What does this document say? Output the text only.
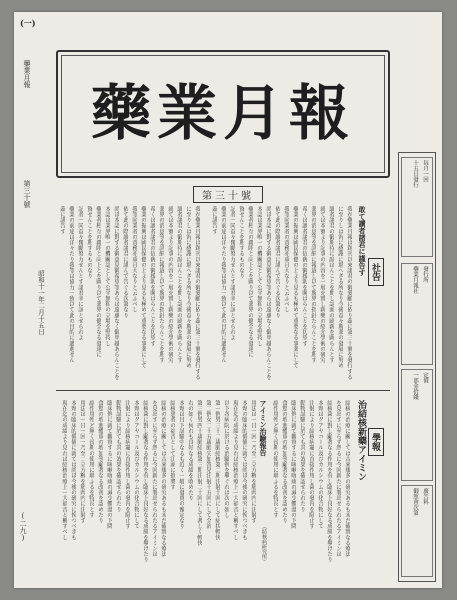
(一)
藥業月報
第三十號
昭和十一年二月十五日
(二九)
藥業月報
第三十號
毎月一回
十五日發行
發行所
藥業月報社
定價
一部金拾錢
廣告料
御照會次第
社告
敢て讀者諸君に謹告す
我が藥業月報は創刊以來諸君の御愛顧に依り茲に第三十號を發行する
に至りしは洵に感謝に堪へざる所なり今後益々斯業の發展に努め
讀者諸君の御期待に副はんことを期し誌面の刷新を圖らんとす
就ては本號より記事の内容を一層充實し新藥の紹介學術の研究
業界の消息等を詳細に報道し以て斯界の指針たらんことを期す
希くは讀者諸君の倍舊の御援助を賜はらんことを切望す
藥業の振興は國民保健の上より見るも極めて重要なる事業にして
我等同業者の責務亦重且大なりと云ふべし
依て此の際讀者諸君に謹んで告ぐる次第なり
尚ほ本誌に對する御意見御希望等あらば遠慮なく御申越あらんことを
本誌は業界唯一の機關誌として公平無私の立場を堅持し
藥業者相互の親睦と向上とを圖り以て業界の健全なる發達に
資せんことを期するものなり
記者一同益々奮勵努力せんとす諸君幸に諒とせられよ
藥業の前途は洋々たり我等は協力一致以て此の目的に邁進せん
茲に謹告す
我が藥業月報は創刊以來諸君の御愛顧に依り茲に第三十號を發行する
に至りしは洵に感謝に堪へざる所なり今後益々斯業の發展に努め
讀者諸君の御期待に副はんことを期し誌面の刷新を圖らんとす
就ては本號より記事の内容を一層充實し新藥の紹介學術の研究
業界の消息等を詳細に報道し以て斯界の指針たらんことを期す
希くは讀者諸君の倍舊の御援助を賜はらんことを切望す
藥業の振興は國民保健の上より見るも極めて重要なる事業にして
我等同業者の責務亦重且大なりと云ふべし
依て此の際讀者諸君に謹んで告ぐる次第なり
尚ほ本誌に對する御意見御希望等あらば遠慮なく御申越あらんことを
本誌は業界唯一の機關誌として公平無私の立場を堅持し
藥業者相互の親睦と向上とを圖り以て業界の健全なる發達に
資せんことを期するものなり
記者一同益々奮勵努力せんとす諸君幸に諒とせられよ
藥業の前途は洋々たり我等は協力一致以て此の目的に邁進せん
茲に謹告す
學報
治結核新藥アイミン
結核の治療に關しては古來幾多の研究あるも未だ確實なる療法
を見出すに至らず然るに今回新たに製出せられたるアイミンは
結核菌に對し顯著なる作用を有し臨床上良好なる成績を擧げたり
本劑はグアヤコール及びカルシウムの化合物にして
注射により結核病竈に直接作用し菌の發育を阻止す
動物試驗に於ても其の效果を確認せられたり
臨床例に就て觀察するに咳嗽喀痰の減少體溫の下降
食慾の増進體重の増加等顯著なる改善を認めたり
副作用殆ど無く長期の使用に堪ふるを特長とす
アイミン治驗報告
（結核病研究所）
用法は一日一回一乃至二立方糎を筋肉内に注射す
本劑の臨床的價値に就ては尚ほ今後の研究に俟つべきも
現在迄の成績より見れば結核治療上一大福音と稱すべし
以下各病院に於ける治驗例を擧ぐれば次の如し
第一例男三十二歳肺結核第二期注射十回にして症状輕快
第二例女二十五歳肺尖加答兒注射十五回にして全治
第三例男四十歳肺結核第三期注射二十回にして著しく輕快
右の如く何れも良好なる成績を收めたり
本劑は目下試驗中なるも近く一般に發賣の豫定なり
結核患者の福音として江湖に推奬す
結核の治療に關しては古來幾多の研究あるも未だ確實なる療法
を見出すに至らず然るに今回新たに製出せられたるアイミンは
結核菌に對し顯著なる作用を有し臨床上良好なる成績を擧げたり
本劑はグアヤコール及びカルシウムの化合物にして
注射により結核病竈に直接作用し菌の發育を阻止す
動物試驗に於ても其の效果を確認せられたり
臨床例に就て觀察するに咳嗽喀痰の減少體溫の下降
食慾の増進體重の増加等顯著なる改善を認めたり
副作用殆ど無く長期の使用に堪ふるを特長とす
用法は一日一回一乃至二立方糎を筋肉内に注射す
本劑の臨床的價値に就ては尚ほ今後の研究に俟つべきも
現在迄の成績より見れば結核治療上一大福音と稱すべし
